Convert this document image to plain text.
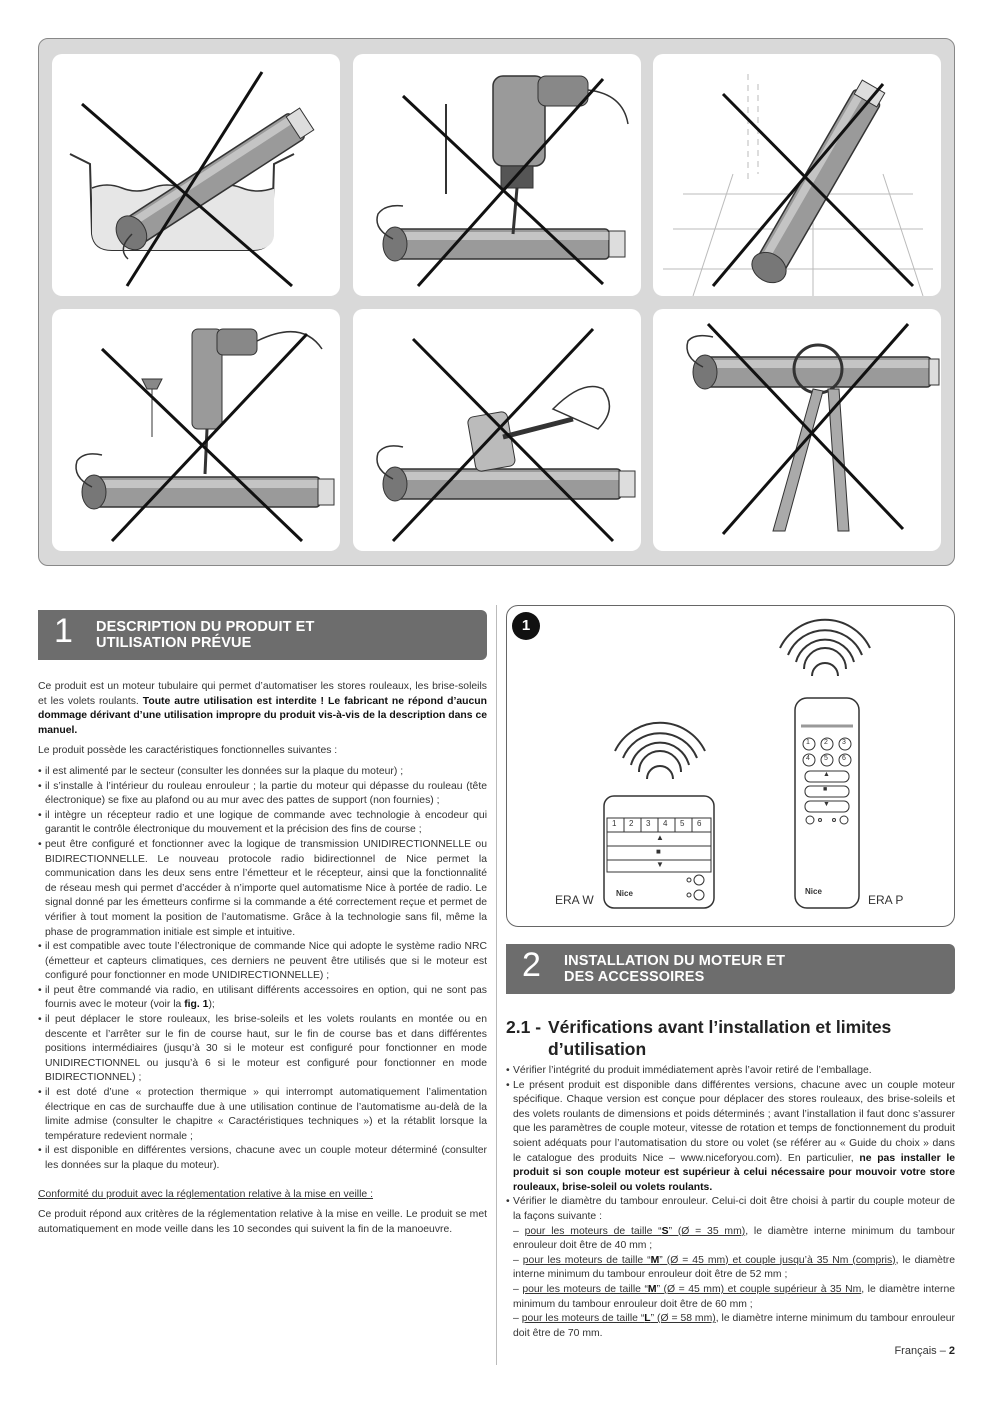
1 DESCRIPTION DU PRODUIT ET
UTILISATION PRÉVUE

Ce produit est un moteur tubulaire qui permet d’automatiser les stores rouleaux, les brise-soleils et les volets roulants. Toute autre utilisation est interdite ! Le fabricant ne répond d’aucun dommage dérivant d’une utilisation impropre du produit vis-à-vis de la description dans ce manuel.

Le produit possède les caractéristiques fonctionnelles suivantes :

• il est alimenté par le secteur (consulter les données sur la plaque du moteur) ;
• il s’installe à l’intérieur du rouleau enrouleur ; la partie du moteur qui dépasse du rouleau (tête électronique) se fixe au plafond ou au mur avec des pattes de support (non fournies) ;
• il intègre un récepteur radio et une logique de commande avec technologie à encodeur qui garantit le contrôle électronique du mouvement et la précision des fins de course ;
• peut être configuré et fonctionner avec la logique de transmission UNIDIRECTIONNELLE ou BIDIRECTIONNELLE. Le nouveau protocole radio bidirectionnel de Nice permet la communication dans les deux sens entre l’émetteur et le récepteur, ainsi que la fonctionnalité de réseau mesh qui permet d’accéder à n’importe quel automatisme Nice à portée de radio. Le signal donné par les émetteurs confirme si la commande a été correctement reçue et permet de vérifier à tout moment la position de l’automatisme. Grâce à la technologie sans fil, même la phase de programmation initiale est simple et intuitive.
• il est compatible avec toute l’électronique de commande Nice qui adopte le système radio NRC (émetteur et capteurs climatiques, ces derniers ne peuvent être utilisés que si le moteur est configuré pour fonctionner en mode UNIDIRECTIONNELLE) ;
• il peut être commandé via radio, en utilisant différents accessoires en option, qui ne sont pas fournis avec le moteur (voir la fig. 1);
• il peut déplacer le store rouleaux, les brise-soleils et les volets roulants en montée ou en descente et l’arrêter sur le fin de course haut, sur le fin de course bas et dans différentes positions intermédiaires (jusqu’à 30 si le moteur est configuré pour fonctionner en mode UNIDIRECTIONNEL ou jusqu’à 6 si le moteur est configuré pour fonctionner en mode BIDIRECTIONNEL) ;
• il est doté d’une « protection thermique » qui interrompt automatiquement l’alimentation électrique en cas de surchauffe due à une utilisation continue de l’automatisme au-delà de la limite admise (consulter le chapitre « Caractéristiques techniques ») et la rétablit lorsque la température redevient normale ;
• il est disponible en différentes versions, chacune avec un couple moteur déterminé (consulter les données sur la plaque du moteur).

Conformité du produit avec la réglementation relative à la mise en veille :

Ce produit répond aux critères de la réglementation relative à la mise en veille. Le produit se met automatiquement en mode veille dans les 10 secondes qui suivent la fin de la manoeuvre.

1
1 2 3 4 5 6
▲
■
▼
Nice
1 2 3
4 5 6
▲
■
▼
Nice
ERA W	ERA P
2 INSTALLATION DU MOTEUR ET
DES ACCESSOIRES
2.1 - Vérifications avant l’installation et limites
d’utilisation
• Vérifier l’intégrité du produit immédiatement après l’avoir retiré de l’emballage.
• Le présent produit est disponible dans différentes versions, chacune avec un couple moteur spécifique. Chaque version est conçue pour déplacer des stores rouleaux, des brise-soleils et des volets roulants de dimensions et poids déterminés ; avant l’installation il faut donc s’assurer que les paramètres de couple moteur, vitesse de rotation et temps de fonctionnement du produit soient adéquats pour l’automatisation du store ou volet (se référer au « Guide du choix » dans le catalogue des produits Nice – www.niceforyou.com). En particulier, ne pas installer le produit si son couple moteur est supérieur à celui nécessaire pour mouvoir votre store rouleaux, brise-soleil ou volets roulants.
• Vérifier le diamètre du tambour enrouleur. Celui-ci doit être choisi à partir du couple moteur de la façons suivante :
– pour les moteurs de taille “S” (Ø = 35 mm), le diamètre interne minimum du tambour enrouleur doit être de 40 mm ;
– pour les moteurs de taille “M” (Ø = 45 mm) et couple jusqu’à 35 Nm (compris), le diamètre interne minimum du tambour enrouleur doit être de 52 mm ;
– pour les moteurs de taille “M” (Ø = 45 mm) et couple supérieur à 35 Nm, le diamètre interne minimum du tambour enrouleur doit être de 60 mm ;
– pour les moteurs de taille “L” (Ø = 58 mm), le diamètre interne minimum du tambour enrouleur doit être de 70 mm.
Français – 2
